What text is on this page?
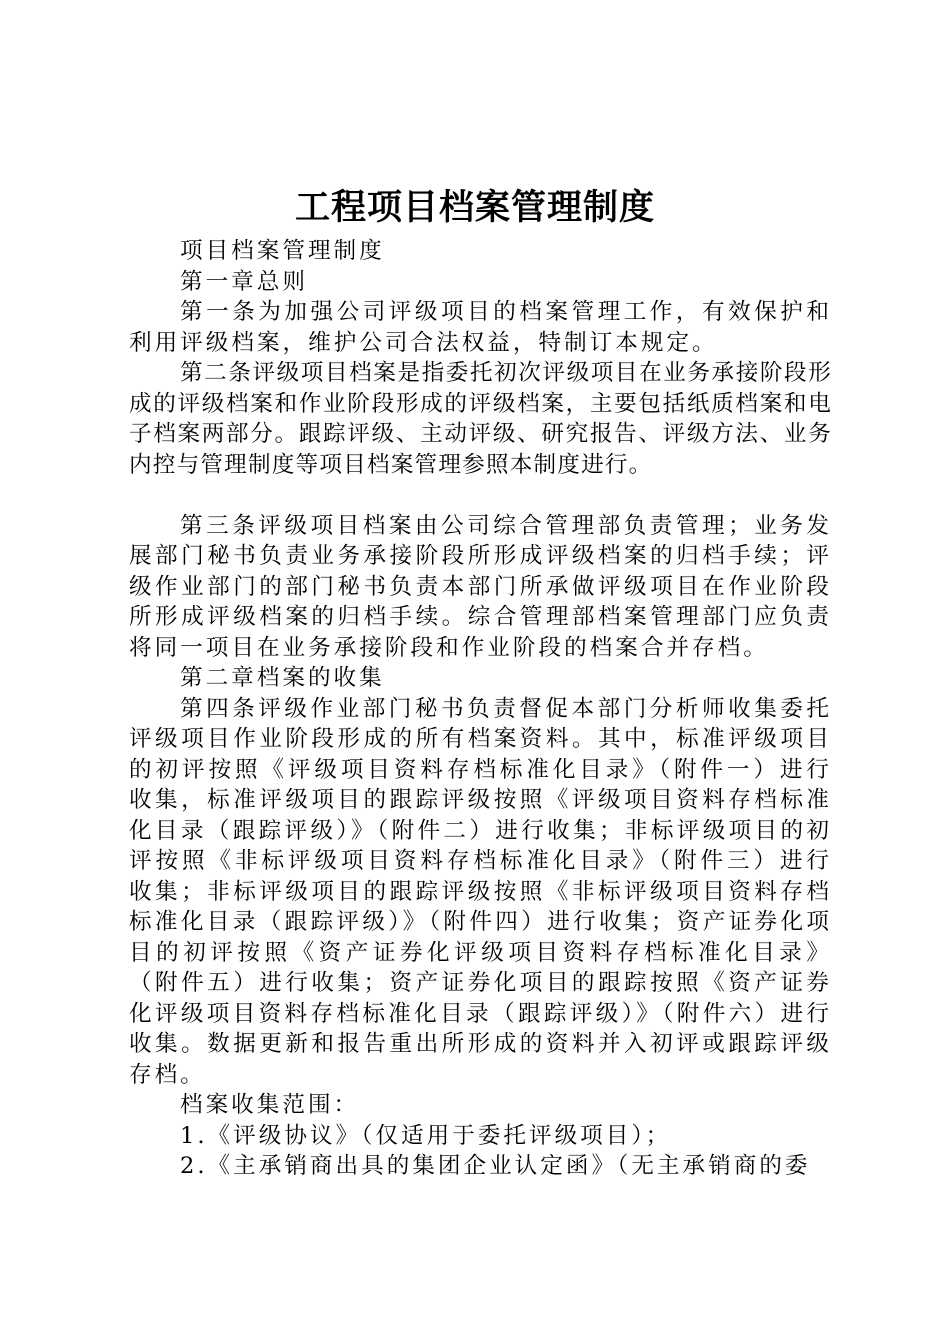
工程项目档案管理制度

项目档案管理制度

第一章总则

第一条为加强公司评级项目的档案管理工作，有效保护和利用评级档案，维护公司合法权益，特制订本规定。

第二条评级项目档案是指委托初次评级项目在业务承接阶段形成的评级档案和作业阶段形成的评级档案，主要包括纸质档案和电子档案两部分。跟踪评级、主动评级、研究报告、评级方法、业务内控与管理制度等项目档案管理参照本制度进行。

第三条评级项目档案由公司综合管理部负责管理；业务发展部门秘书负责业务承接阶段所形成评级档案的归档手续；评级作业部门的部门秘书负责本部门所承做评级项目在作业阶段所形成评级档案的归档手续。综合管理部档案管理部门应负责将同一项目在业务承接阶段和作业阶段的档案合并存档。

第二章档案的收集

第四条评级作业部门秘书负责督促本部门分析师收集委托评级项目作业阶段形成的所有档案资料。其中，标准评级项目的初评按照《评级项目资料存档标准化目录》（附件一）进行收集，标准评级项目的跟踪评级按照《评级项目资料存档标准化目录（跟踪评级）》（附件二）进行收集；非标评级项目的初评按照《非标评级项目资料存档标准化目录》（附件三）进行收集；非标评级项目的跟踪评级按照《非标评级项目资料存档标准化目录（跟踪评级）》（附件四）进行收集；资产证券化项目的初评按照《资产证券化评级项目资料存档标准化目录》（附件五）进行收集；资产证券化项目的跟踪按照《资产证券化评级项目资料存档标准化目录（跟踪评级）》（附件六）进行收集。数据更新和报告重出所形成的资料并入初评或跟踪评级存档。

档案收集范围：

1.《评级协议》（仅适用于委托评级项目）；

2.《主承销商出具的集团企业认定函》（无主承销商的委
